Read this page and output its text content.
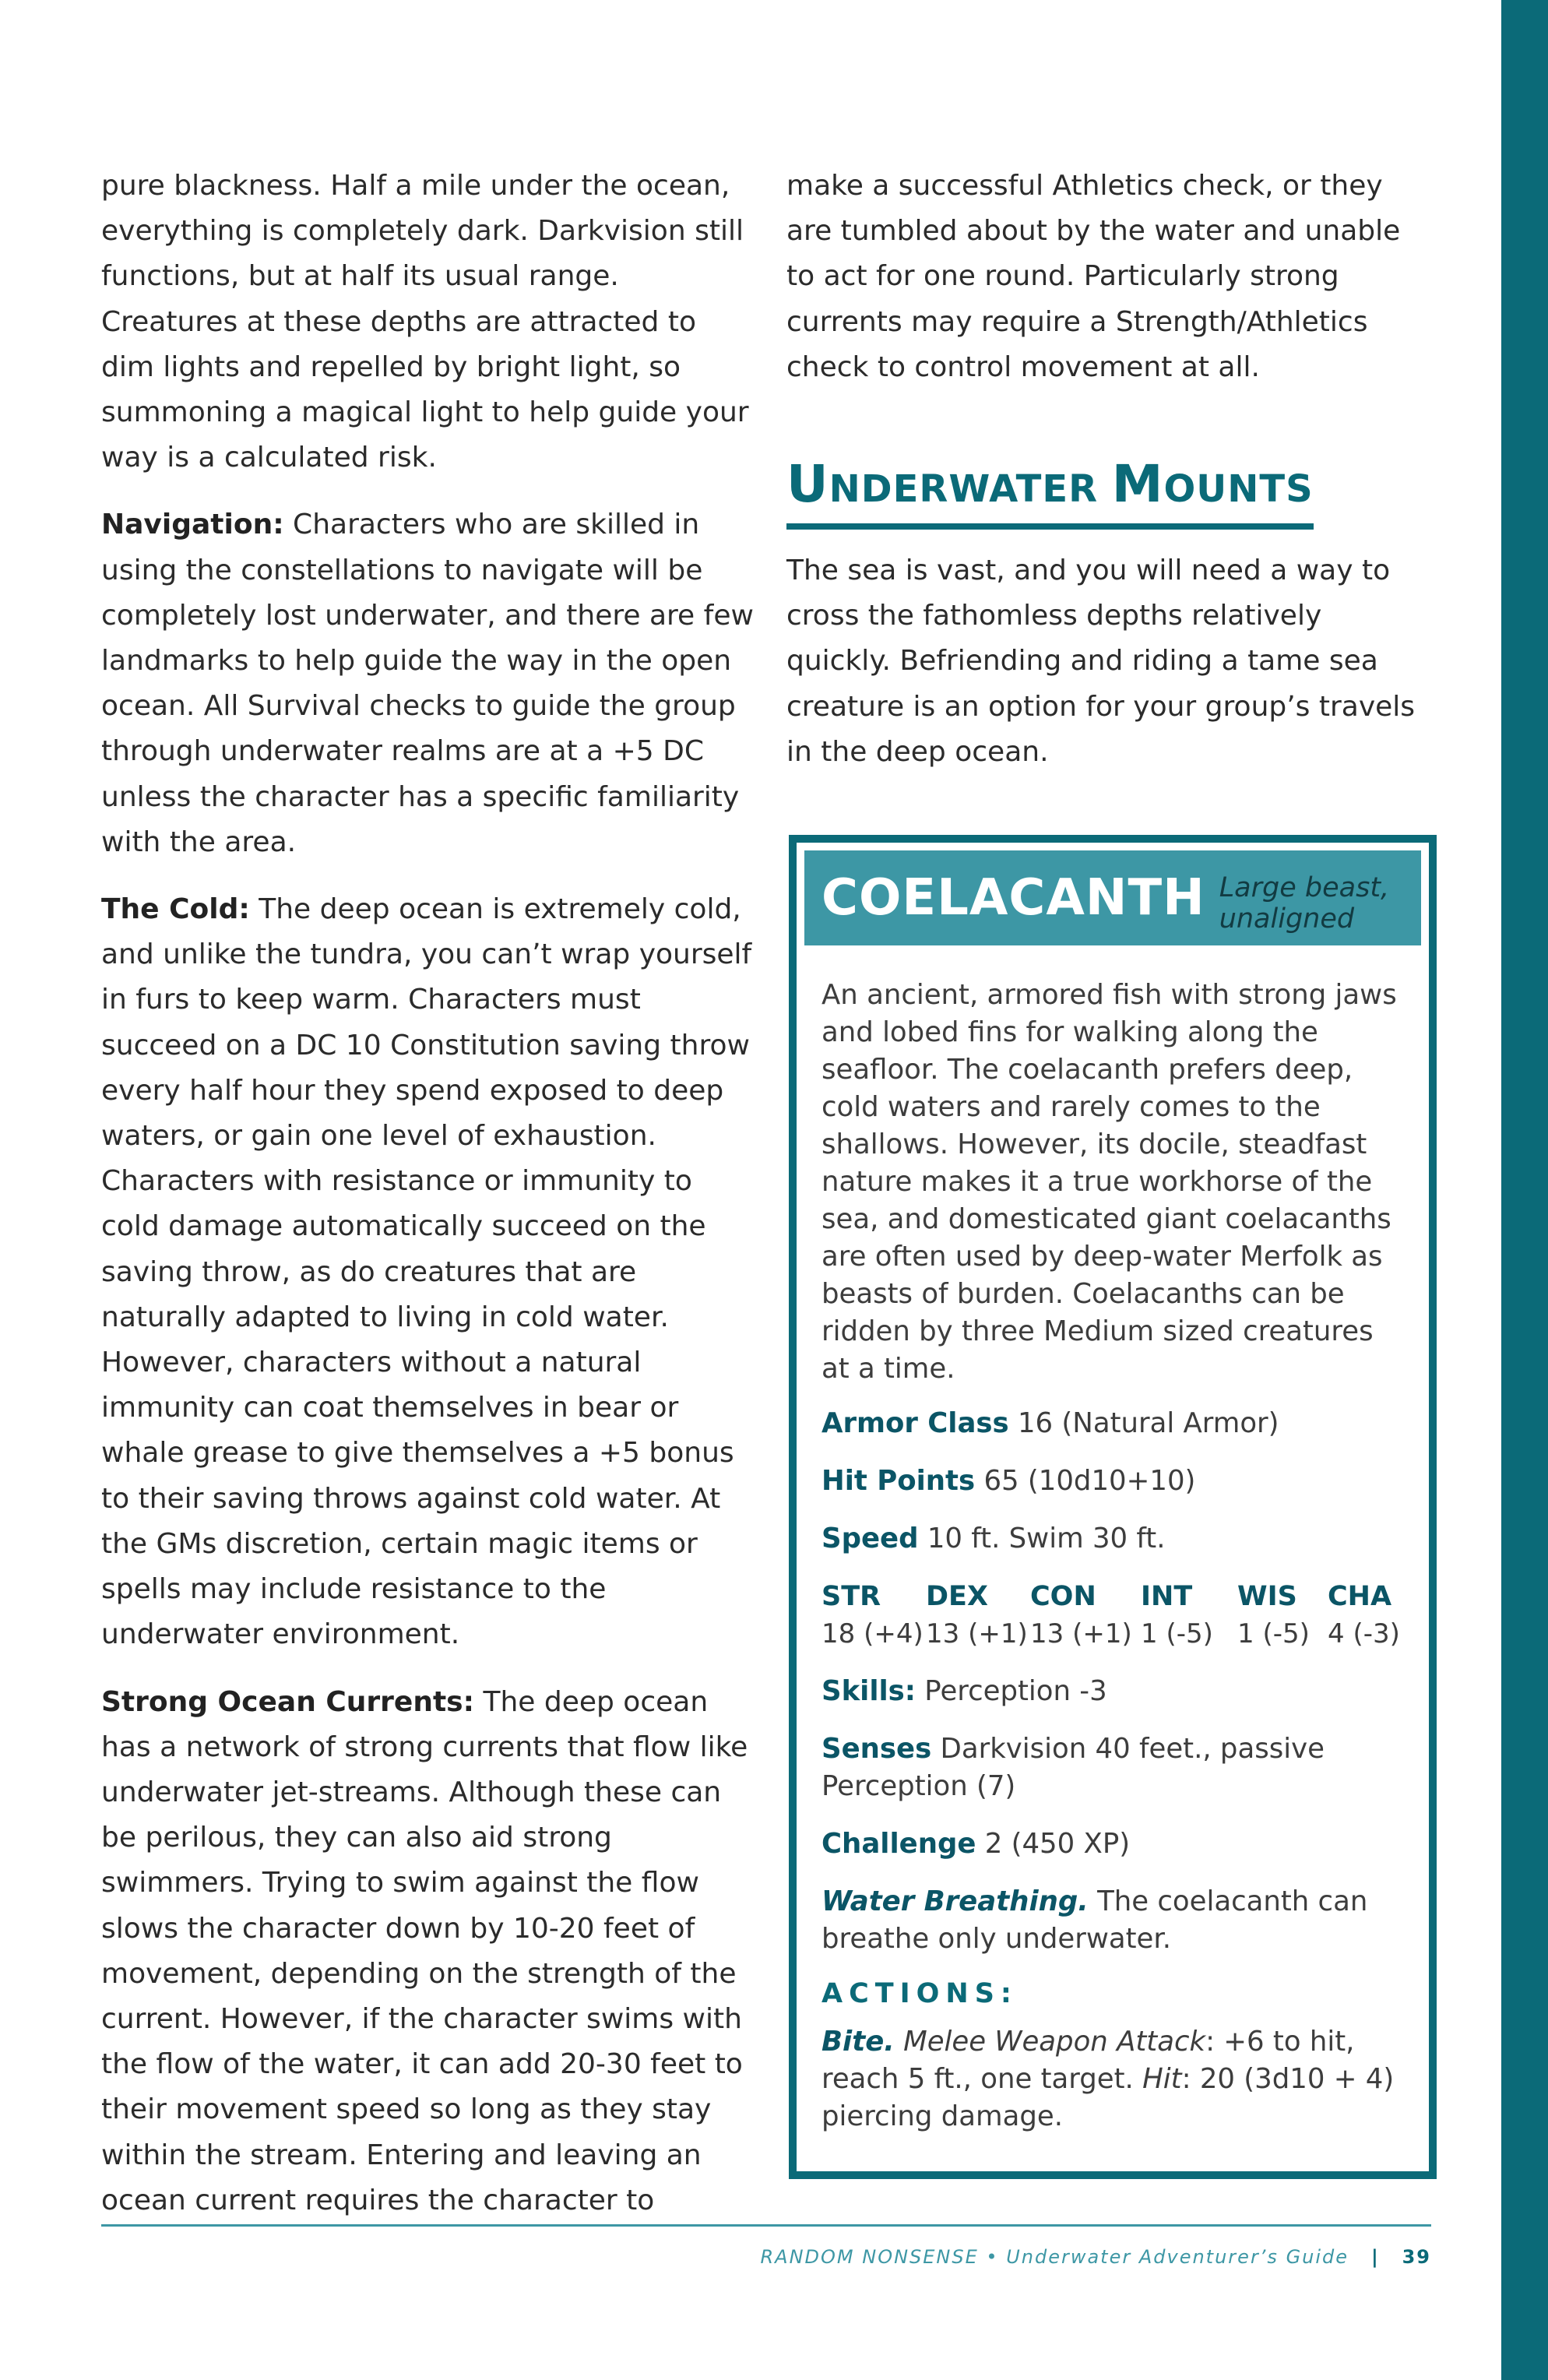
pure blackness. Half a mile under the ocean, everything is completely dark. Darkvision still functions, but at half its usual range. Creatures at these depths are attracted to dim lights and repelled by bright light, so summoning a magical light to help guide your way is a calculated risk.

Navigation: Characters who are skilled in using the constellations to navigate will be completely lost underwater, and there are few landmarks to help guide the way in the open ocean. All Survival checks to guide the group through underwater realms are at a +5 DC unless the character has a specific familiarity with the area.

The Cold: The deep ocean is extremely cold, and unlike the tundra, you can’t wrap yourself in furs to keep warm. Characters must succeed on a DC 10 Constitution saving throw every half hour they spend exposed to deep waters, or gain one level of exhaustion. Characters with resistance or immunity to cold damage automatically succeed on the saving throw, as do creatures that are naturally adapted to living in cold water. However, characters without a natural immunity can coat themselves in bear or whale grease to give themselves a +5 bonus to their saving throws against cold water. At the GMs discretion, certain magic items or spells may include resistance to the underwater environment.

Strong Ocean Currents: The deep ocean has a network of strong currents that flow like underwater jet-streams. Although these can be perilous, they can also aid strong swimmers. Trying to swim against the flow slows the character down by 10-20 feet of movement, depending on the strength of the current. However, if the character swims with the flow of the water, it can add 20-30 feet to their movement speed so long as they stay within the stream. Entering and leaving an ocean current requires the character to

make a successful Athletics check, or they are tumbled about by the water and unable to act for one round. Particularly strong currents may require a Strength/Athletics check to control movement at all.

UNDERWATER MOUNTS

The sea is vast, and you will need a way to cross the fathomless depths relatively quickly. Befriending and riding a tame sea creature is an option for your group’s travels in the deep ocean.

COELACANTH Large beast, unaligned

An ancient, armored fish with strong jaws and lobed fins for walking along the seafloor. The coelacanth prefers deep, cold waters and rarely comes to the shallows. However, its docile, steadfast nature makes it a true workhorse of the sea, and domesticated giant coelacanths are often used by deep-water Merfolk as beasts of burden. Coelacanths can be ridden by three Medium sized creatures at a time.

Armor Class 16 (Natural Armor)

Hit Points 65 (10d10+10)

Speed 10 ft. Swim 30 ft.

STR
18 (+4)
DEX
13 (+1)
CON
13 (+1)
INT
1 (-5)
WIS
1 (-5)
CHA
4 (-3)

Skills: Perception -3

Senses Darkvision 40 feet., passive Perception (7)

Challenge 2 (450 XP)

Water Breathing. The coelacanth can breathe only underwater.

ACTIONS:

Bite. Melee Weapon Attack: +6 to hit, reach 5 ft., one target. Hit: 20 (3d10 + 4) piercing damage.

RANDOM NONSENSE • Underwater Adventurer’s Guide | 39
